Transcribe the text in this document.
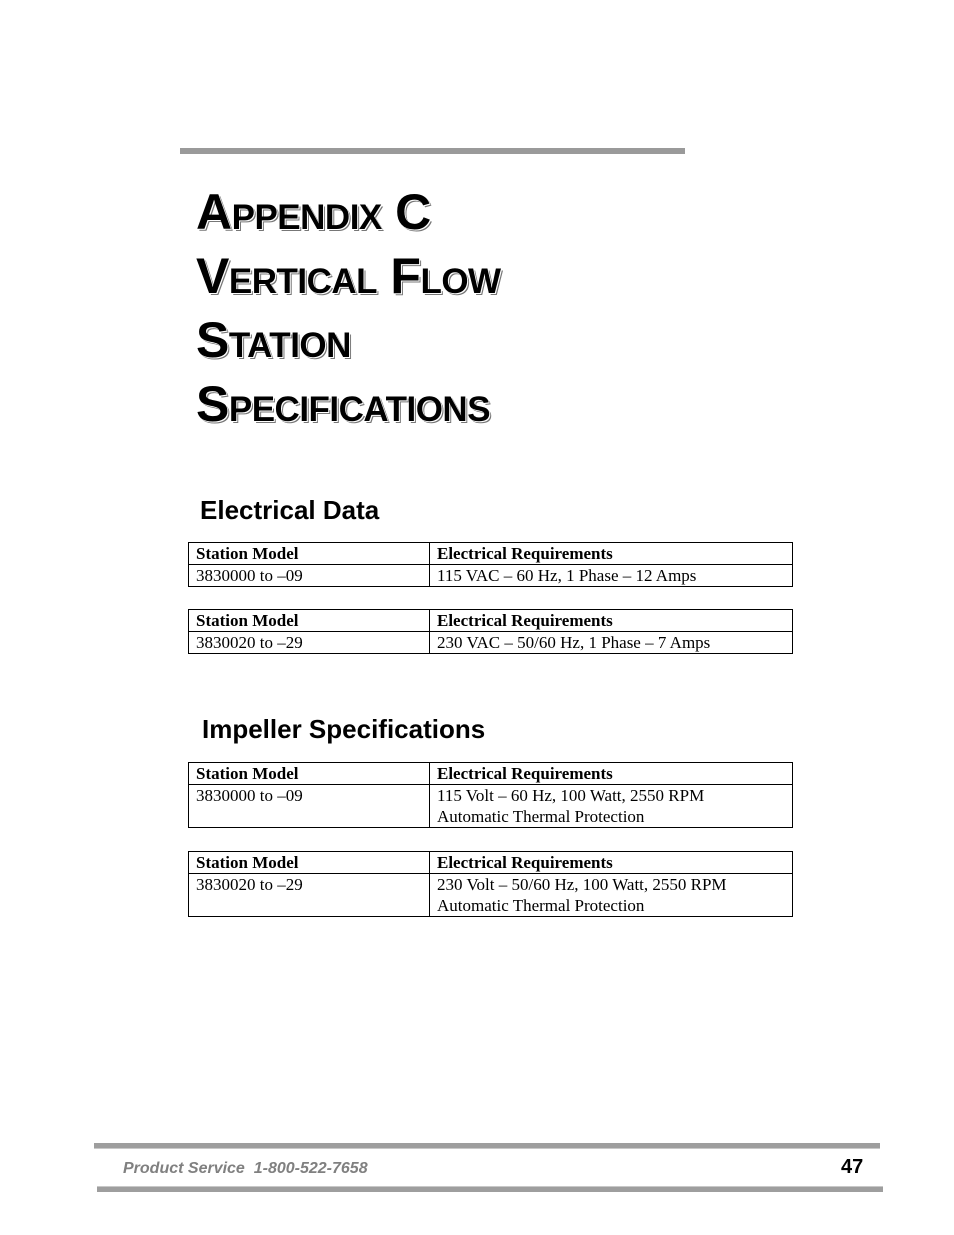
Appendix C
Vertical Flow
Station
Specifications
Electrical Data
Station Model	Electrical Requirements
3830000 to –09	115 VAC – 60 Hz, 1 Phase – 12 Amps
Station Model	Electrical Requirements
3830020 to –29	230 VAC – 50/60 Hz, 1 Phase – 7 Amps
Impeller Specifications
Station Model	Electrical Requirements
3830000 to –09	115 Volt – 60 Hz, 100 Watt, 2550 RPM
Automatic Thermal Protection
Station Model	Electrical Requirements
3830020 to –29	230 Volt – 50/60 Hz, 100 Watt, 2550 RPM
Automatic Thermal Protection
Product Service  1-800-522-7658	47
